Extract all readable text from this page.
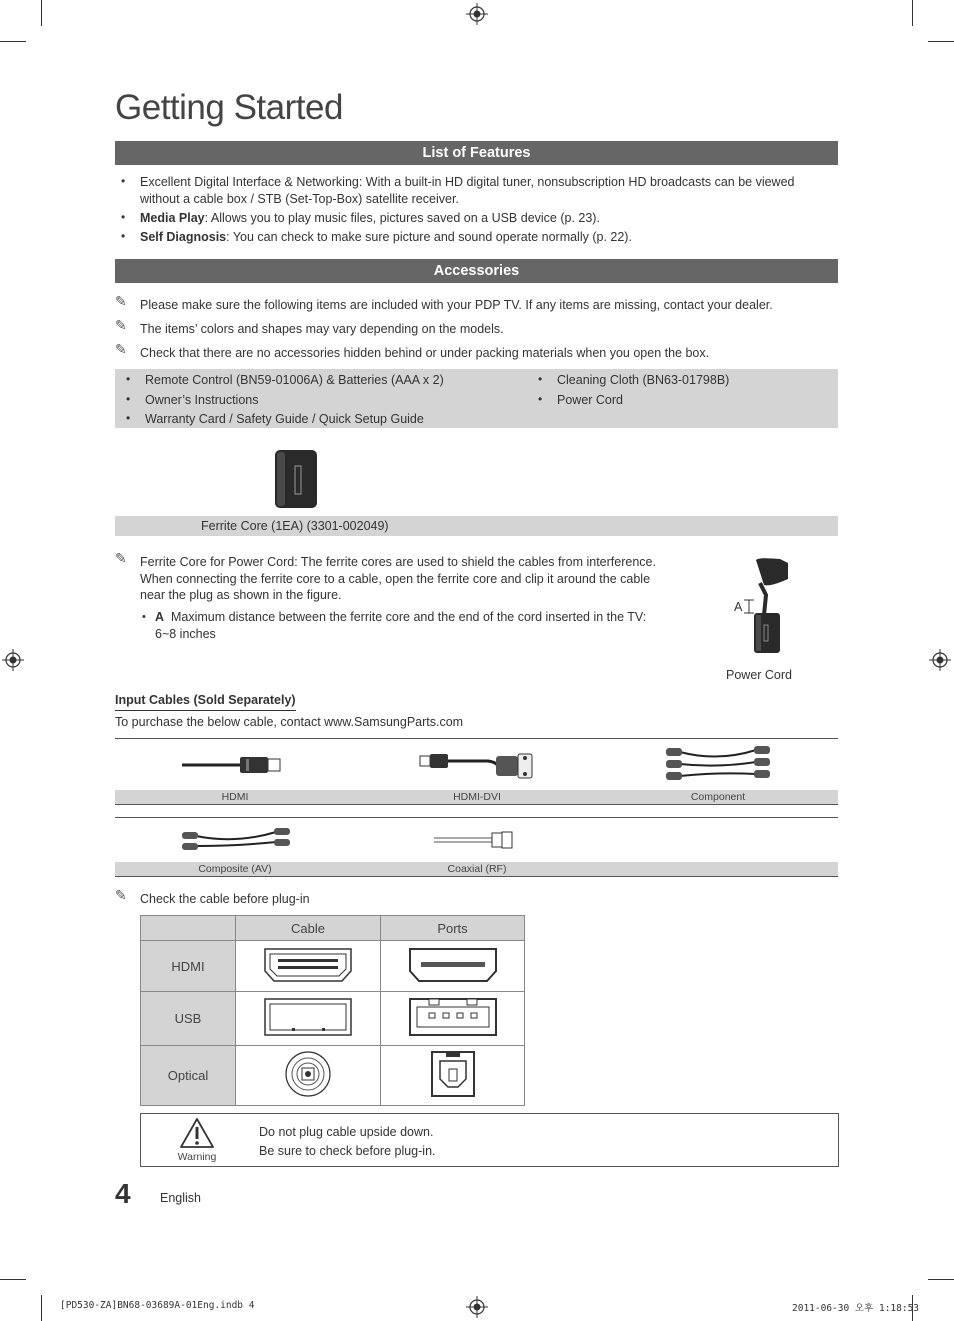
Getting Started
List of Features
• Excellent Digital Interface & Networking: With a built-in HD digital tuner, nonsubscription HD broadcasts can be viewed
without a cable box / STB (Set-Top-Box) satellite receiver.
• Media Play: Allows you to play music files, pictures saved on a USB device (p. 23).
• Self Diagnosis: You can check to make sure picture and sound operate normally (p. 22).
Accessories
✎ Please make sure the following items are included with your PDP TV. If any items are missing, contact your dealer.
✎ The items’ colors and shapes may vary depending on the models.
✎ Check that there are no accessories hidden behind or under packing materials when you open the box.
• Remote Control (BN59-01006A) & Batteries (AAA x 2)
• Owner’s Instructions
• Warranty Card / Safety Guide / Quick Setup Guide
• Cleaning Cloth (BN63-01798B)
• Power Cord
Ferrite Core (1EA) (3301-002049)
✎ Ferrite Core for Power Cord: The ferrite cores are used to shield the cables from interference.
When connecting the ferrite core to a cable, open the ferrite core and clip it around the cable
near the plug as shown in the figure.
• A Maximum distance between the ferrite core and the end of the cord inserted in the TV:
6~8 inches
A
Power Cord
Input Cables (Sold Separately)
To purchase the below cable, contact www.SamsungParts.com
HDMI	HDMI-DVI	Component
Composite (AV)	Coaxial (RF)
✎ Check the cable before plug-in
	Cable	Ports
HDMI		
USB		
Optical		
Warning
Do not plug cable upside down.
Be sure to check before plug-in.
4 English
[PD530-ZA]BN68-03689A-01Eng.indb 4	2011-06-30 오후 1:18:53
